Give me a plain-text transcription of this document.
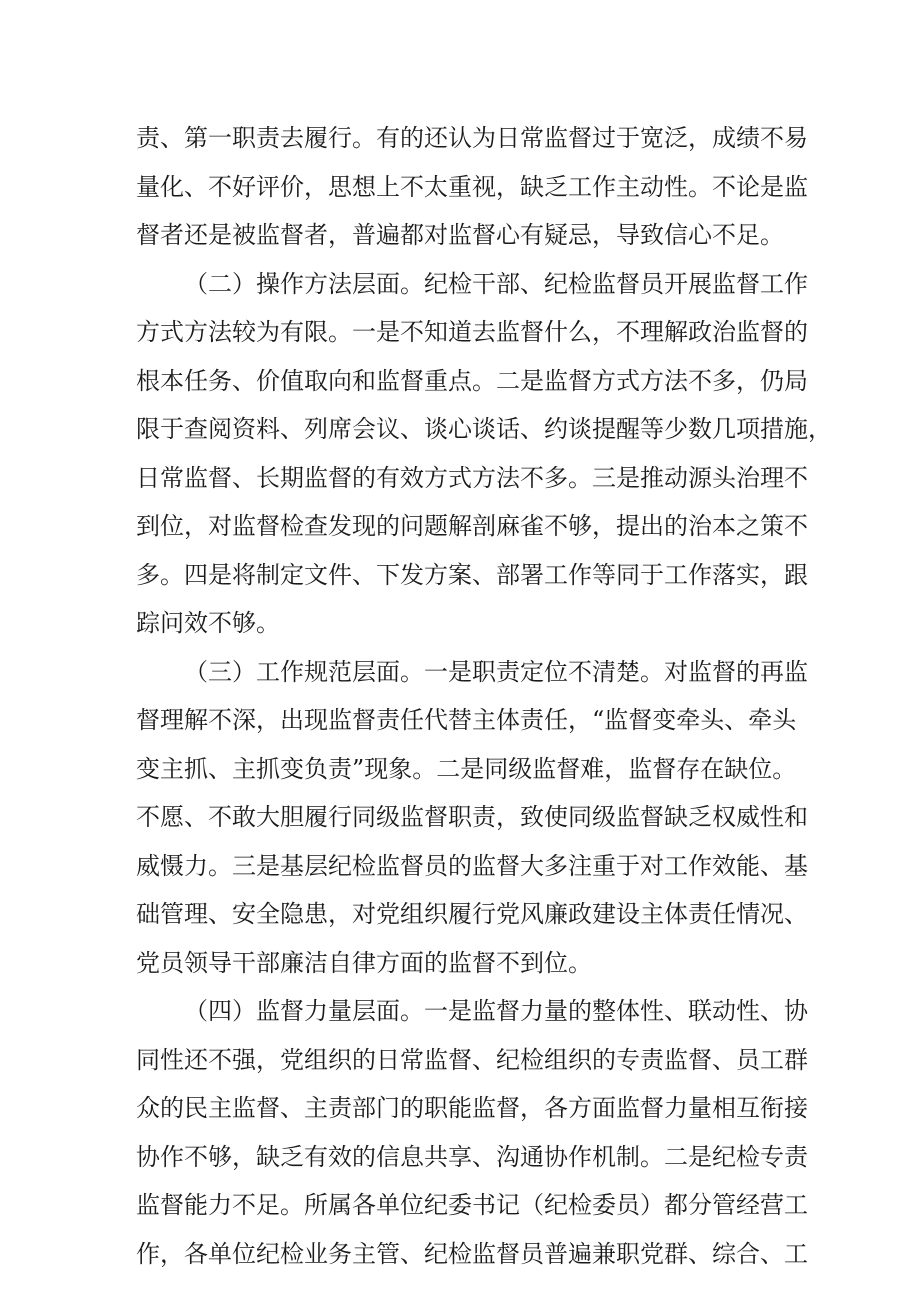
责、第一职责去履行。有的还认为日常监督过于宽泛，成绩不易
量化、不好评价，思想上不太重视，缺乏工作主动性。不论是监
督者还是被监督者，普遍都对监督心有疑忌，导致信心不足。
（二）操作方法层面。纪检干部、纪检监督员开展监督工作
方式方法较为有限。一是不知道去监督什么，不理解政治监督的
根本任务、价值取向和监督重点。二是监督方式方法不多，仍局
限于查阅资料、列席会议、谈心谈话、约谈提醒等少数几项措施，
日常监督、长期监督的有效方式方法不多。三是推动源头治理不
到位，对监督检查发现的问题解剖麻雀不够，提出的治本之策不
多。四是将制定文件、下发方案、部署工作等同于工作落实，跟
踪问效不够。
（三）工作规范层面。一是职责定位不清楚。对监督的再监
督理解不深，出现监督责任代替主体责任，“监督变牵头、牵头
变主抓、主抓变负责”现象。二是同级监督难，监督存在缺位。
不愿、不敢大胆履行同级监督职责，致使同级监督缺乏权威性和
威慑力。三是基层纪检监督员的监督大多注重于对工作效能、基
础管理、安全隐患，对党组织履行党风廉政建设主体责任情况、
党员领导干部廉洁自律方面的监督不到位。
（四）监督力量层面。一是监督力量的整体性、联动性、协
同性还不强，党组织的日常监督、纪检组织的专责监督、员工群
众的民主监督、主责部门的职能监督，各方面监督力量相互衔接
协作不够，缺乏有效的信息共享、沟通协作机制。二是纪检专责
监督能力不足。所属各单位纪委书记（纪检委员）都分管经营工
作，各单位纪检业务主管、纪检监督员普遍兼职党群、综合、工
